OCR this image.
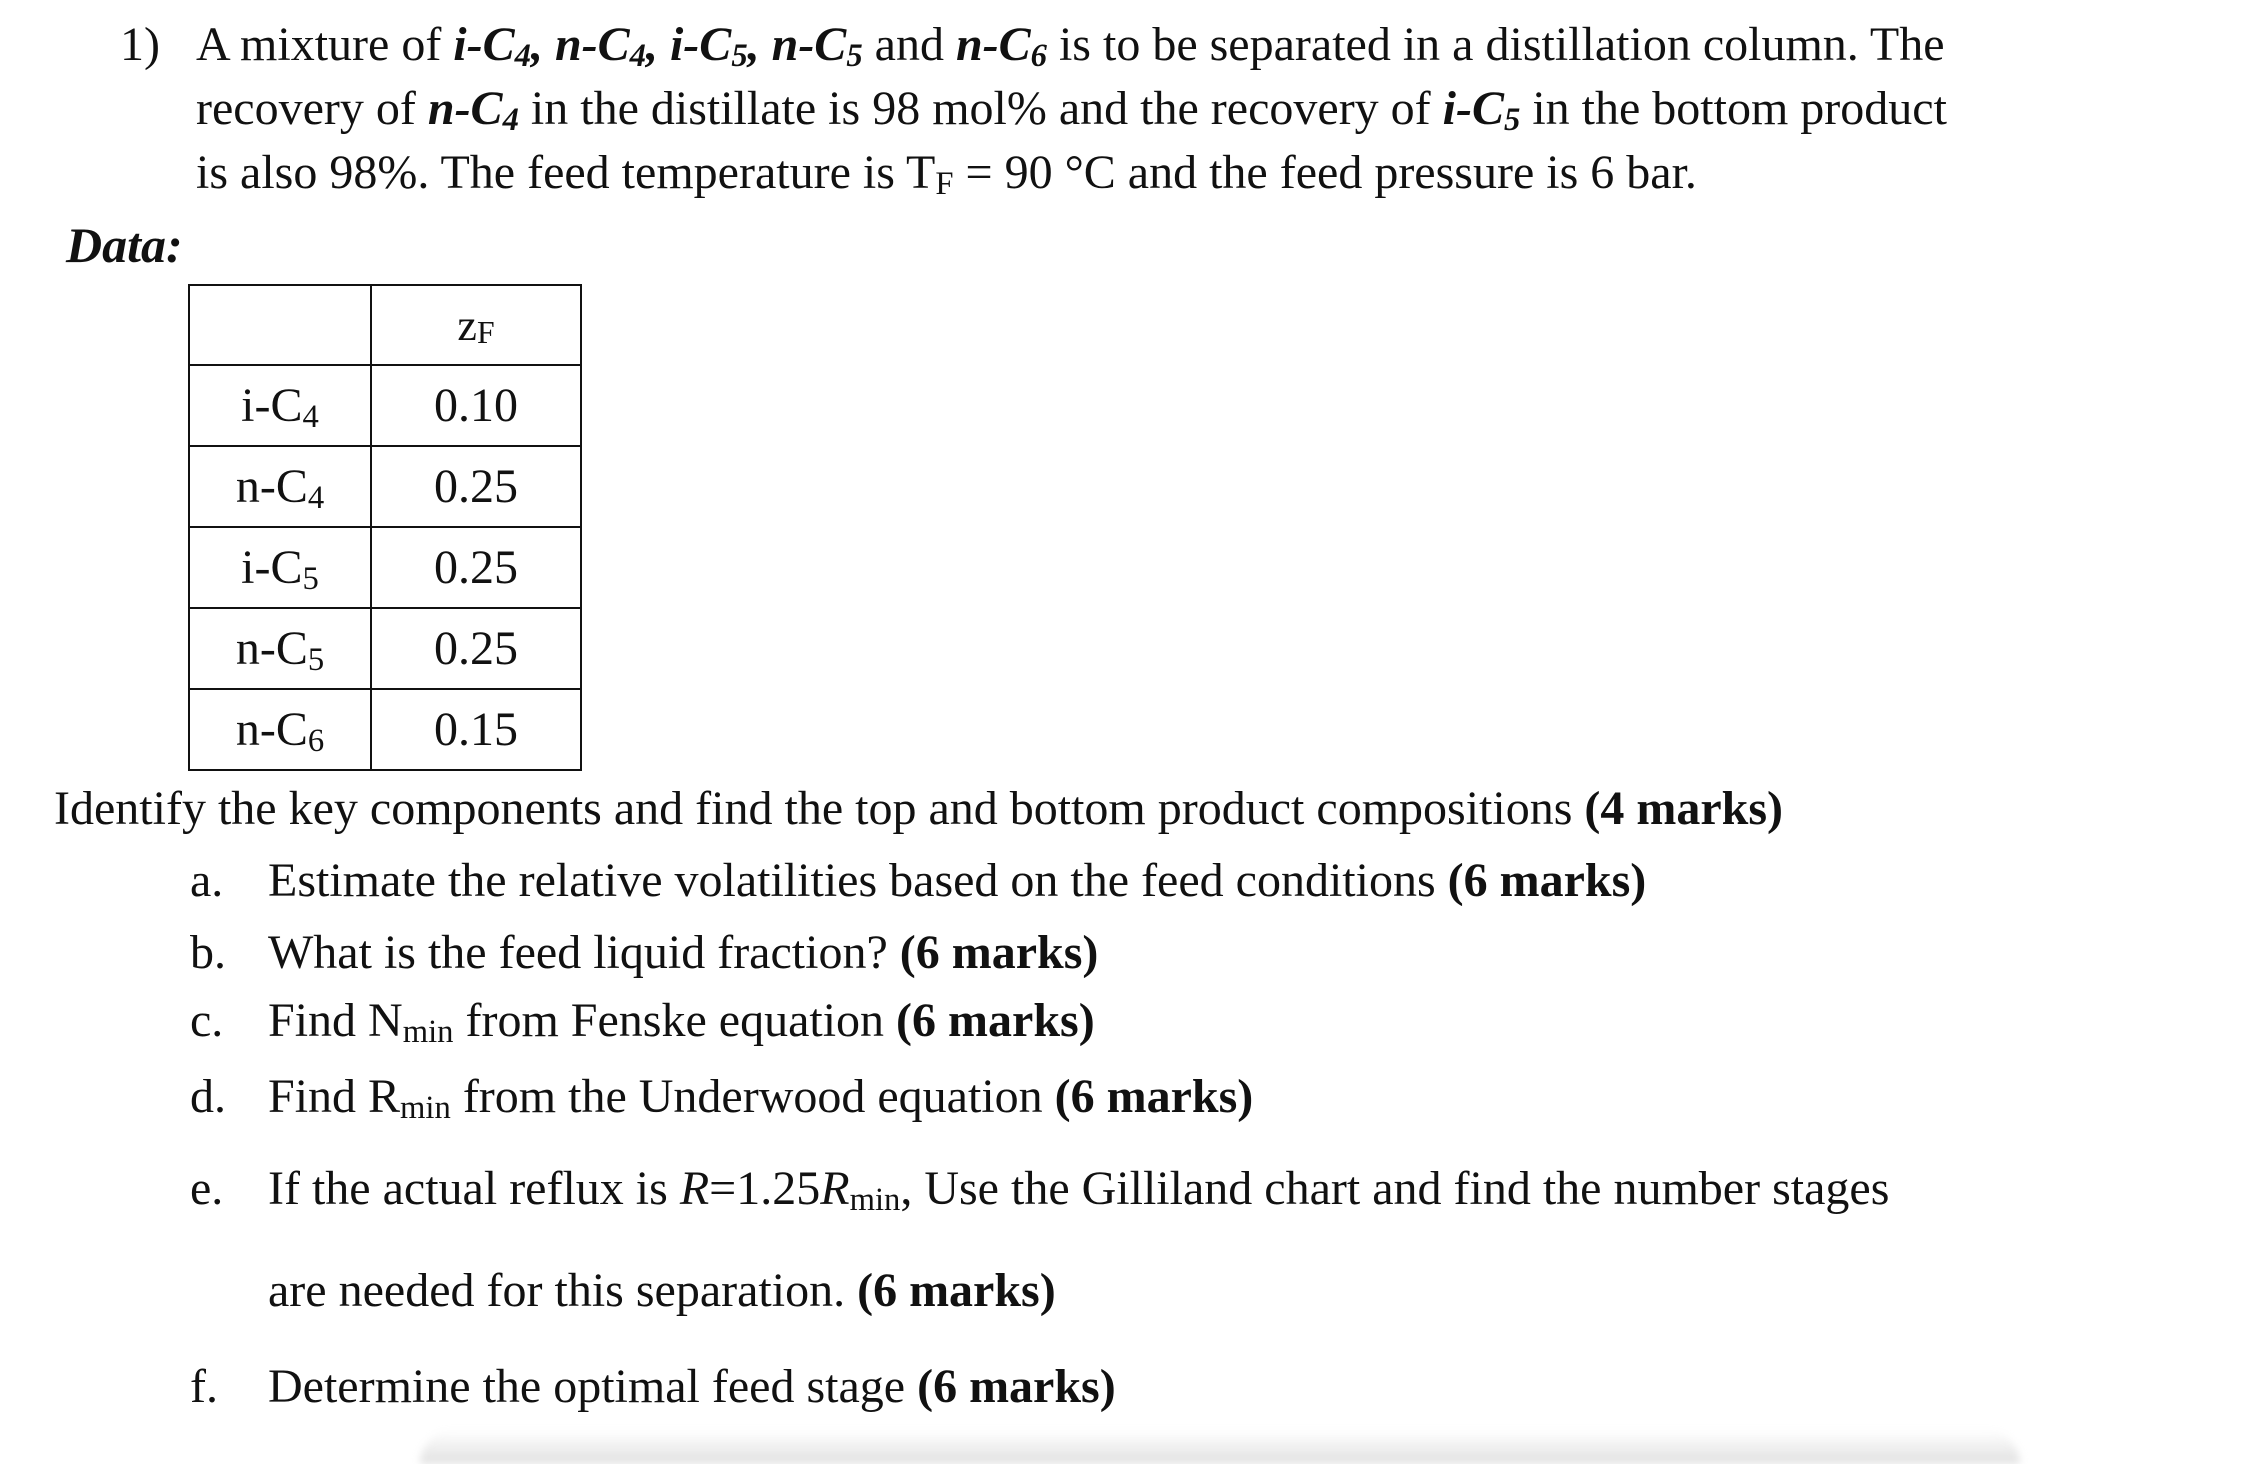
1) A mixture of $i-C_4$, $n-C_4$, $i-C_5$, $n-C_5$ and $n-C_6$ is to be separated in a distillation column. The
recovery of $n-C_4$ in the distillate is 98 mol% and the recovery of $i-C_5$ in the bottom product
is also 98%. The feed temperature is $T_F = 90$ °C and the feed pressure is 6 bar.
Data:
	$z_F$
$i-C_4$	0.10
$n-C_4$	0.25
$i-C_5$	0.25
$n-C_5$	0.25
$n-C_6$	0.15
Identify the key components and find the top and bottom product compositions (4 marks)
a. Estimate the relative volatilities based on the feed conditions (6 marks)
b. What is the feed liquid fraction? (6 marks)
c. Find $N_{min}$ from Fenske equation (6 marks)
d. Find $R_{min}$ from the Underwood equation (6 marks)
e. If the actual reflux is $R=1.25R_{min}$, Use the Gilliland chart and find the number stages
are needed for this separation. (6 marks)
f. Determine the optimal feed stage (6 marks)
